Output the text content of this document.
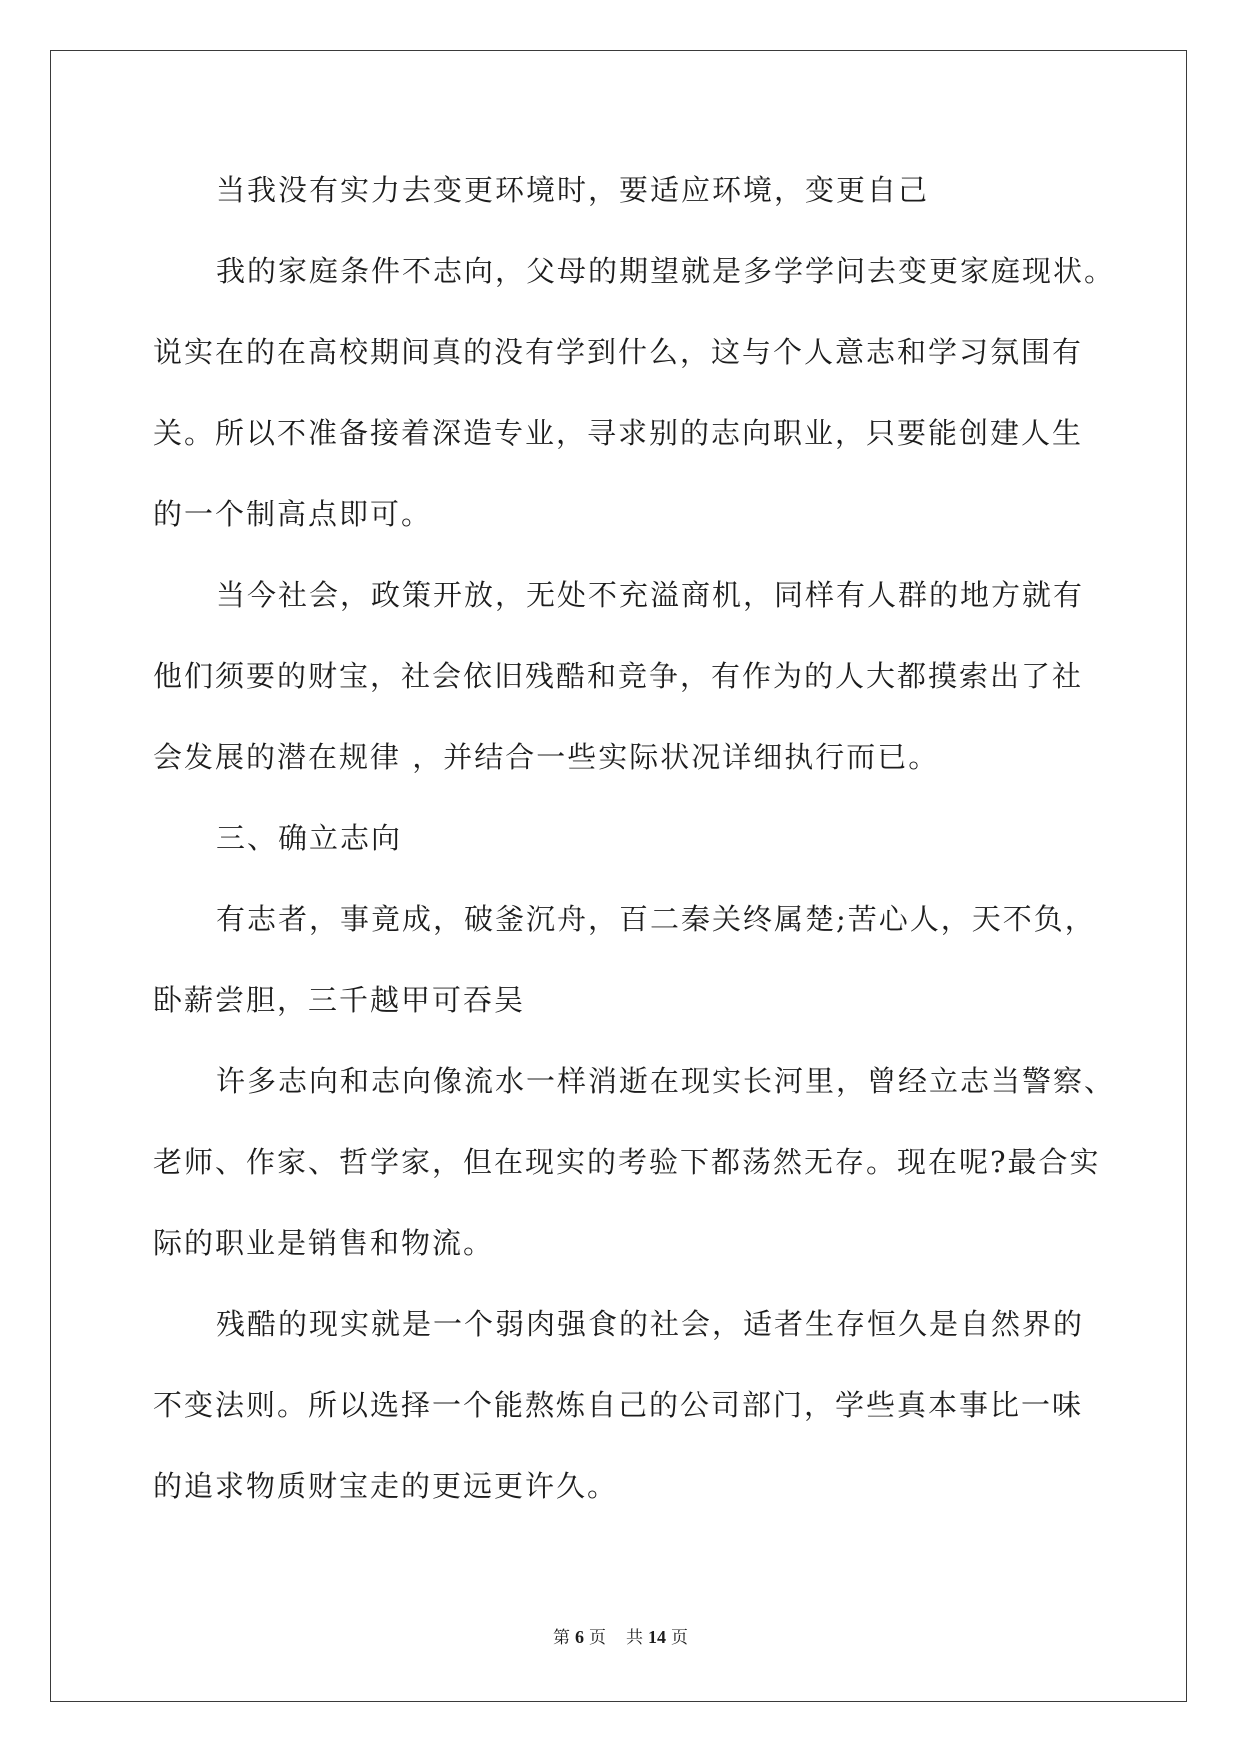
当我没有实力去变更环境时，要适应环境，变更自己
我的家庭条件不志向，父母的期望就是多学学问去变更家庭现状。
说实在的在高校期间真的没有学到什么，这与个人意志和学习氛围有
关。所以不准备接着深造专业，寻求别的志向职业，只要能创建人生
的一个制高点即可。
当今社会，政策开放，无处不充溢商机，同样有人群的地方就有
他们须要的财宝，社会依旧残酷和竞争，有作为的人大都摸索出了社
会发展的潜在规律 ，并结合一些实际状况详细执行而已。
三、确立志向
有志者，事竟成，破釜沉舟，百二秦关终属楚;苦心人，天不负，
卧薪尝胆，三千越甲可吞吴
许多志向和志向像流水一样消逝在现实长河里，曾经立志当警察、
老师、作家、哲学家，但在现实的考验下都荡然无存。现在呢?最合实
际的职业是销售和物流。
残酷的现实就是一个弱肉强食的社会，适者生存恒久是自然界的
不变法则。所以选择一个能熬炼自己的公司部门，学些真本事比一味
的追求物质财宝走的更远更许久。
第 6 页 共 14 页
